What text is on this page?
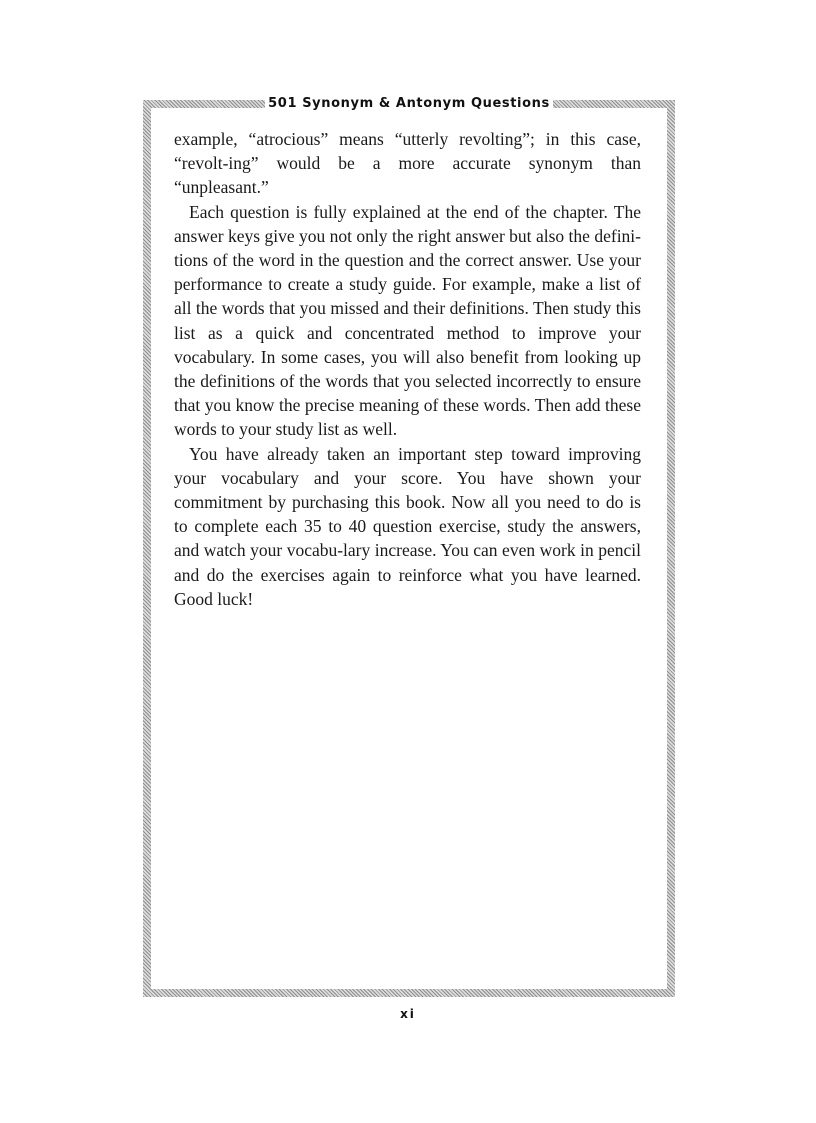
501 Synonym & Antonym Questions

example, “atrocious” means “utterly revolting”; in this case, “revolt-ing” would be a more accurate synonym than “unpleasant.”

Each question is fully explained at the end of the chapter. The answer keys give you not only the right answer but also the defini-tions of the word in the question and the correct answer. Use your performance to create a study guide. For example, make a list of all the words that you missed and their definitions. Then study this list as a quick and concentrated method to improve your vocabulary. In some cases, you will also benefit from looking up the definitions of the words that you selected incorrectly to ensure that you know the precise meaning of these words. Then add these words to your study list as well.

You have already taken an important step toward improving your vocabulary and your score. You have shown your commitment by purchasing this book. Now all you need to do is to complete each 35 to 40 question exercise, study the answers, and watch your vocabu-lary increase. You can even work in pencil and do the exercises again to reinforce what you have learned. Good luck!

xi
